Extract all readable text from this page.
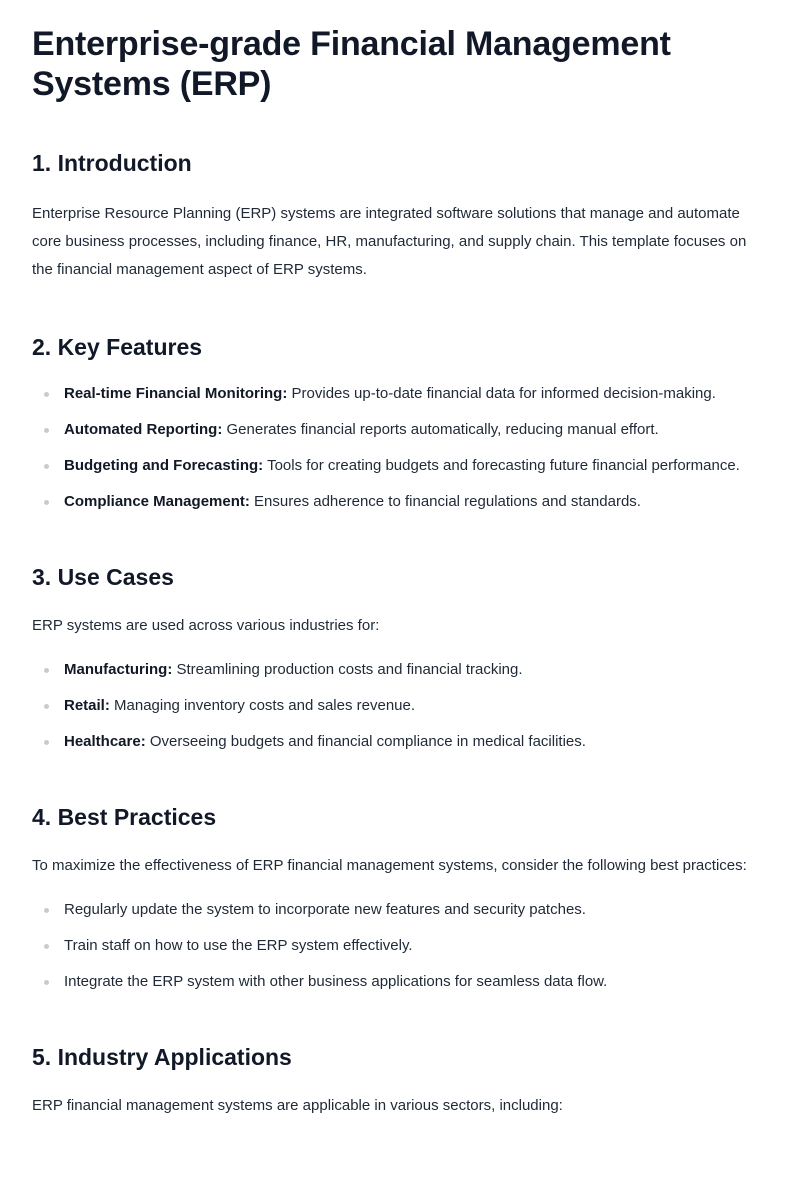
Enterprise-grade Financial Management Systems (ERP)
1. Introduction

Enterprise Resource Planning (ERP) systems are integrated software solutions that manage and automate core business processes, including finance, HR, manufacturing, and supply chain. This template focuses on the financial management aspect of ERP systems.

2. Key Features
Real-time Financial Monitoring: Provides up-to-date financial data for informed decision-making.
Automated Reporting: Generates financial reports automatically, reducing manual effort.
Budgeting and Forecasting: Tools for creating budgets and forecasting future financial performance.
Compliance Management: Ensures adherence to financial regulations and standards.
3. Use Cases

ERP systems are used across various industries for:

Manufacturing: Streamlining production costs and financial tracking.
Retail: Managing inventory costs and sales revenue.
Healthcare: Overseeing budgets and financial compliance in medical facilities.
4. Best Practices

To maximize the effectiveness of ERP financial management systems, consider the following best practices:

Regularly update the system to incorporate new features and security patches.
Train staff on how to use the ERP system effectively.
Integrate the ERP system with other business applications for seamless data flow.
5. Industry Applications

ERP financial management systems are applicable in various sectors, including:
